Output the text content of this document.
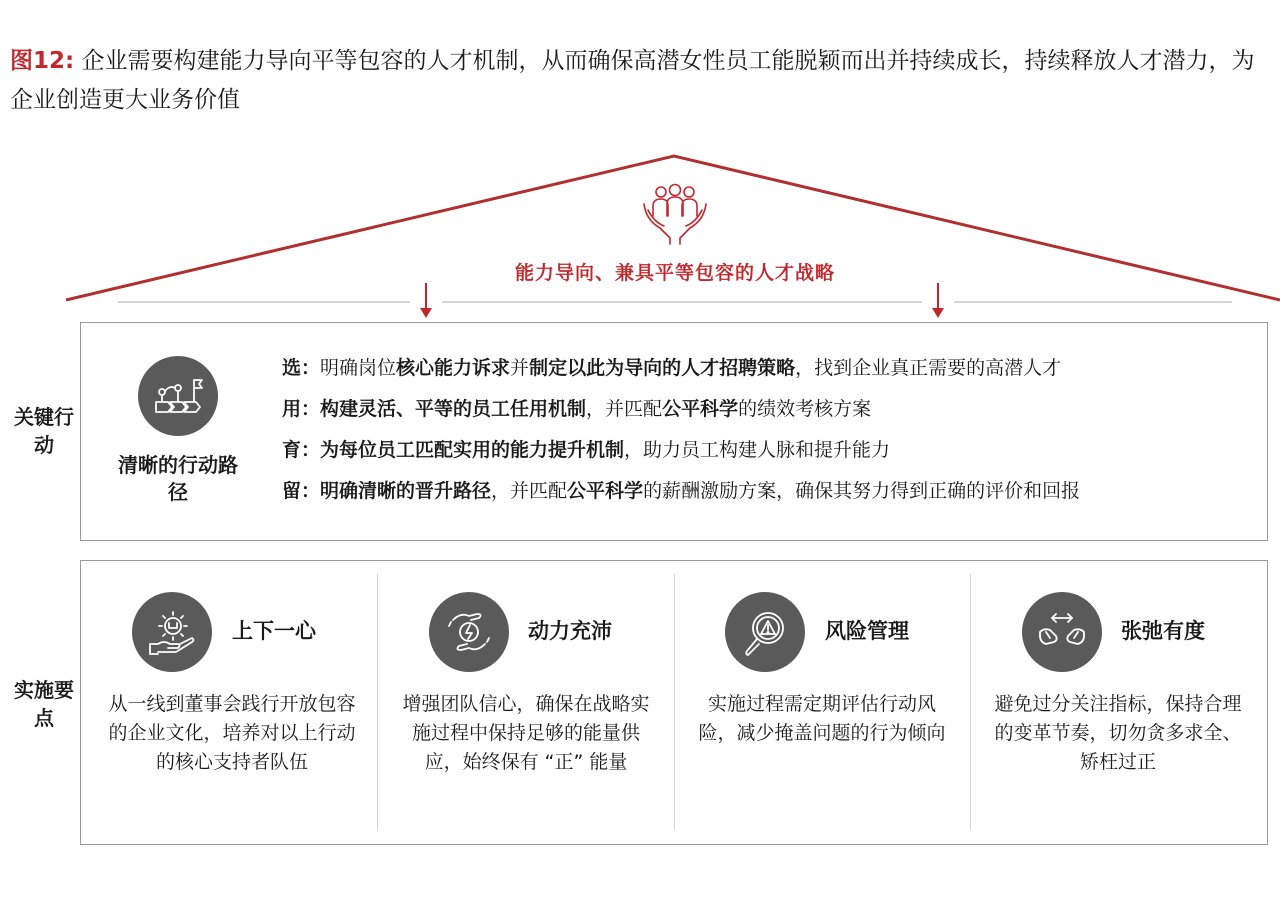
图12: 企业需要构建能力导向平等包容的人才机制，从而确保高潜女性员工能脱颖而出并持续成长，持续释放人才潜力，为企业创造更大业务价值
能力导向、兼具平等包容的人才战略
关键行动
实施要点
清晰的行动路径
选：明确岗位核心能力诉求并制定以此为导向的人才招聘策略，找到企业真正需要的高潜人才
用：构建灵活、平等的员工任用机制，并匹配公平科学的绩效考核方案
育：为每位员工匹配实用的能力提升机制，助力员工构建人脉和提升能力
留：明确清晰的晋升路径，并匹配公平科学的薪酬激励方案，确保其努力得到正确的评价和回报
上下一心
从一线到董事会践行开放包容的企业文化，培养对以上行动的核心支持者队伍
动力充沛
增强团队信心，确保在战略实施过程中保持足够的能量供应，始终保有 “正” 能量
风险管理
实施过程需定期评估行动风险，减少掩盖问题的行为倾向
张弛有度
避免过分关注指标，保持合理的变革节奏，切勿贪多求全、矫枉过正
